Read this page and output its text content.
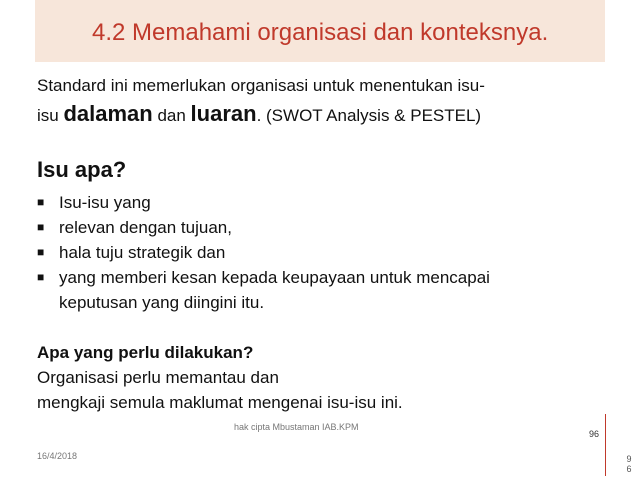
4.2 Memahami organisasi dan konteksnya.
Standard ini memerlukan organisasi untuk menentukan isu-
isu dalaman dan luaran. (SWOT Analysis & PESTEL)
Isu apa?
■ Isu-isu yang
■ relevan dengan tujuan,
■ hala tuju strategik dan
■ yang memberi kesan kepada keupayaan untuk mencapai
keputusan yang diingini itu.
Apa yang perlu dilakukan?
Organisasi perlu memantau dan
mengkaji semula maklumat mengenai isu-isu ini.
hak cipta Mbustaman IAB.KPM
16/4/2018
96
9
6
